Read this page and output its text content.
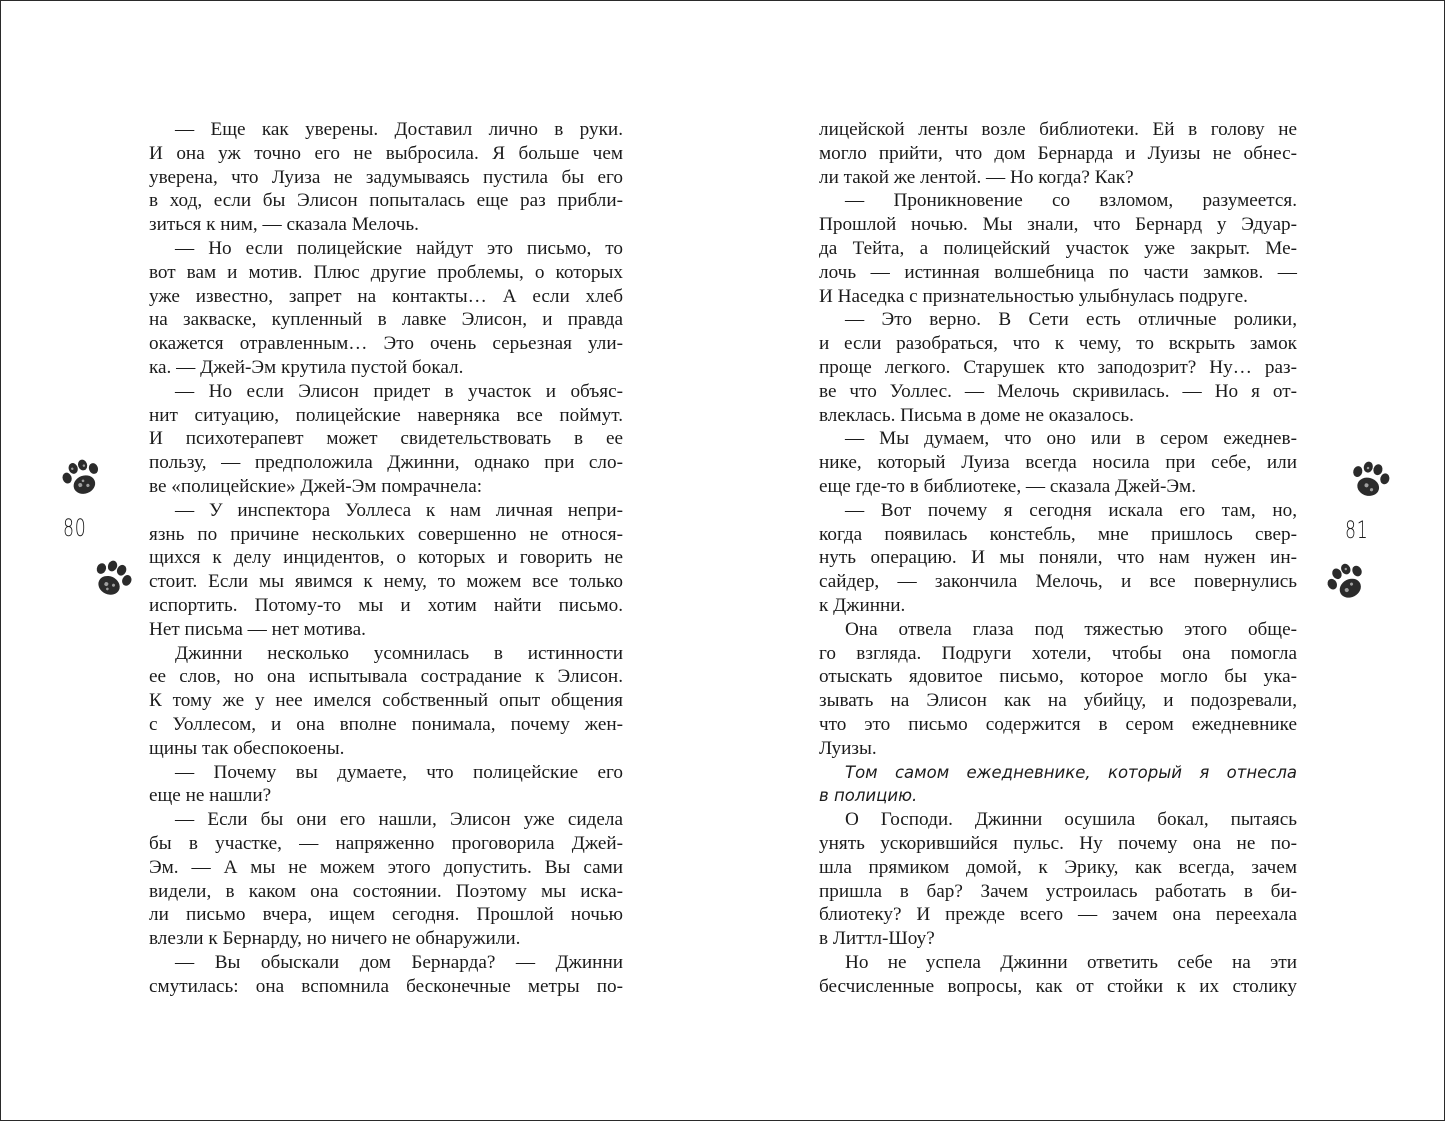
— Еще как уверены. Доставил лично в руки.
И она уж точно его не выбросила. Я больше чем
уверена, что Луиза не задумываясь пустила бы его
в ход, если бы Элисон попыталась еще раз прибли-
зиться к ним, — сказала Мелочь.
— Но если полицейские найдут это письмо, то
вот вам и мотив. Плюс другие проблемы, о которых
уже известно, запрет на контакты… А если хлеб
на закваске, купленный в лавке Элисон, и правда
окажется отравленным… Это очень серьезная ули-
ка. — Джей-Эм крутила пустой бокал.
— Но если Элисон придет в участок и объяс-
нит ситуацию, полицейские наверняка все поймут.
И психотерапевт может свидетельствовать в ее
пользу, — предположила Джинни, однако при сло-
ве «полицейские» Джей-Эм помрачнела:
— У инспектора Уоллеса к нам личная непри-
язнь по причине нескольких совершенно не относя-
щихся к делу инцидентов, о которых и говорить не
стоит. Если мы явимся к нему, то можем все только
испортить. Потому-то мы и хотим найти письмо.
Нет письма — нет мотива.
Джинни несколько усомнилась в истинности
ее слов, но она испытывала сострадание к Элисон.
К тому же у нее имелся собственный опыт общения
с Уоллесом, и она вполне понимала, почему жен-
щины так обеспокоены.
— Почему вы думаете, что полицейские его
еще не нашли?
— Если бы они его нашли, Элисон уже сидела
бы в участке, — напряженно проговорила Джей-
Эм. — А мы не можем этого допустить. Вы сами
видели, в каком она состоянии. Поэтому мы иска-
ли письмо вчера, ищем сегодня. Прошлой ночью
влезли к Бернарду, но ничего не обнаружили.
— Вы обыскали дом Бернарда? — Джинни
смутилась: она вспомнила бесконечные метры по-
лицейской ленты возле библиотеки. Ей в голову не
могло прийти, что дом Бернарда и Луизы не обнес-
ли такой же лентой. — Но когда? Как?
— Проникновение со взломом, разумеется.
Прошлой ночью. Мы знали, что Бернард у Эдуар-
да Тейта, а полицейский участок уже закрыт. Ме-
лочь — истинная волшебница по части замков. —
И Наседка с признательностью улыбнулась подруге.
— Это верно. В Сети есть отличные ролики,
и если разобраться, что к чему, то вскрыть замок
проще легкого. Старушек кто заподозрит? Ну… раз-
ве что Уоллес. — Мелочь скривилась. — Но я от-
влеклась. Письма в доме не оказалось.
— Мы думаем, что оно или в сером ежеднев-
нике, который Луиза всегда носила при себе, или
еще где-то в библиотеке, — сказала Джей-Эм.
— Вот почему я сегодня искала его там, но,
когда появилась констебль, мне пришлось свер-
нуть операцию. И мы поняли, что нам нужен ин-
сайдер, — закончила Мелочь, и все повернулись
к Джинни.
Она отвела глаза под тяжестью этого обще-
го взгляда. Подруги хотели, чтобы она помогла
отыскать ядовитое письмо, которое могло бы ука-
зывать на Элисон как на убийцу, и подозревали,
что это письмо содержится в сером ежедневнике
Луизы.
Том самом ежедневнике, который я отнесла
в полицию.
О Господи. Джинни осушила бокал, пытаясь
унять ускорившийся пульс. Ну почему она не по-
шла прямиком домой, к Эрику, как всегда, зачем
пришла в бар? Зачем устроилась работать в би-
блиотеку? И прежде всего — зачем она переехала
в Литтл-Шоу?
Но не успела Джинни ответить себе на эти
бесчисленные вопросы, как от стойки к их столику
80	81
